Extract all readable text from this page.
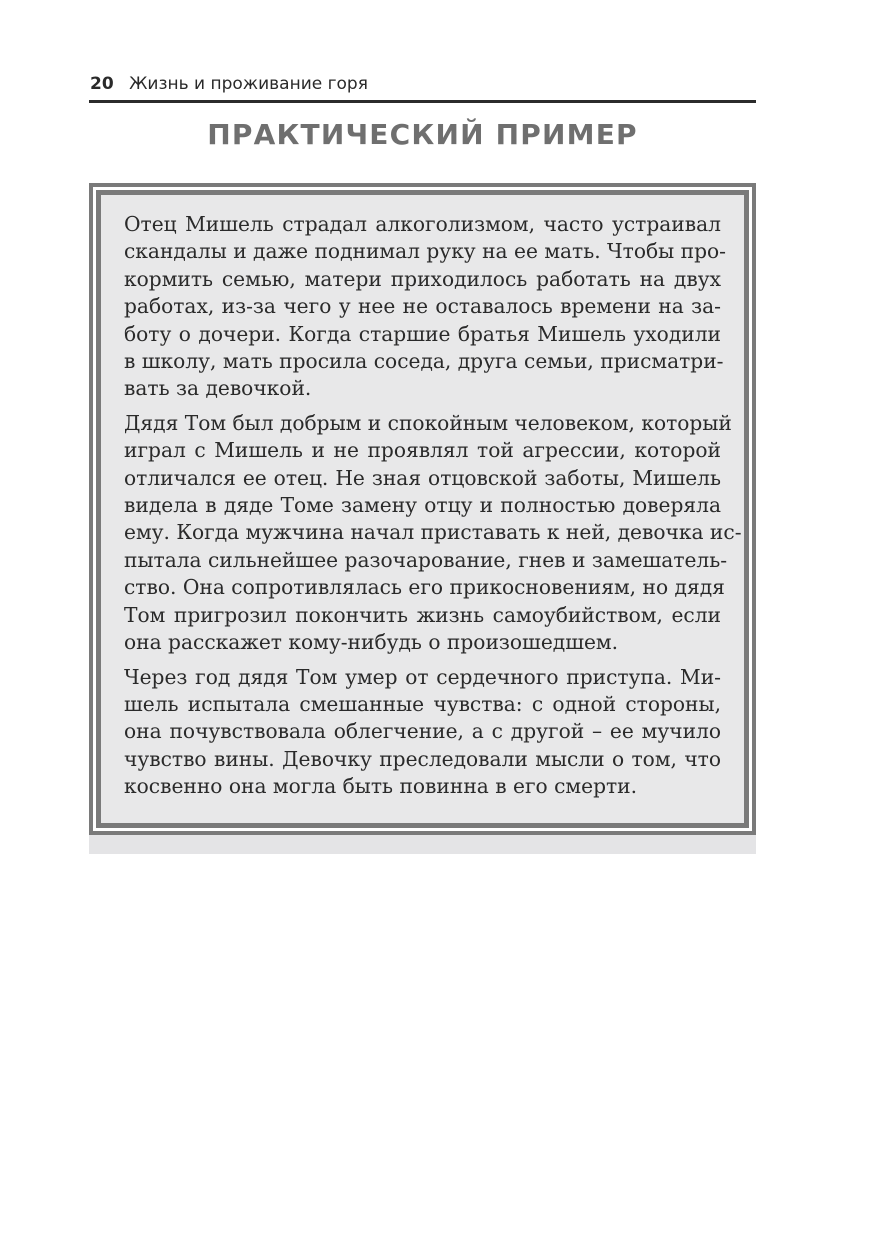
20 Жизнь и проживание горя
ПРАКТИЧЕСКИЙ ПРИМЕР

Отец Мишель страдал алкоголизмом, часто устраивал
скандалы и даже поднимал руку на ее мать. Чтобы про-
кормить семью, матери приходилось работать на двух
работах, из-за чего у нее не оставалось времени на за-
боту о дочери. Когда старшие братья Мишель уходили
в школу, мать просила соседа, друга семьи, присматри-
вать за девочкой.

Дядя Том был добрым и спокойным человеком, который
играл с Мишель и не проявлял той агрессии, которой
отличался ее отец. Не зная отцовской заботы, Мишель
видела в дяде Томе замену отцу и полностью доверяла
ему. Когда мужчина начал приставать к ней, девочка ис-
пытала сильнейшее разочарование, гнев и замешатель-
ство. Она сопротивлялась его прикосновениям, но дядя
Том пригрозил покончить жизнь самоубийством, если
она расскажет кому-нибудь о произошедшем.

Через год дядя Том умер от сердечного приступа. Ми-
шель испытала смешанные чувства: с одной стороны,
она почувствовала облегчение, а с другой – ее мучило
чувство вины. Девочку преследовали мысли о том, что
косвенно она могла быть повинна в его смерти.
